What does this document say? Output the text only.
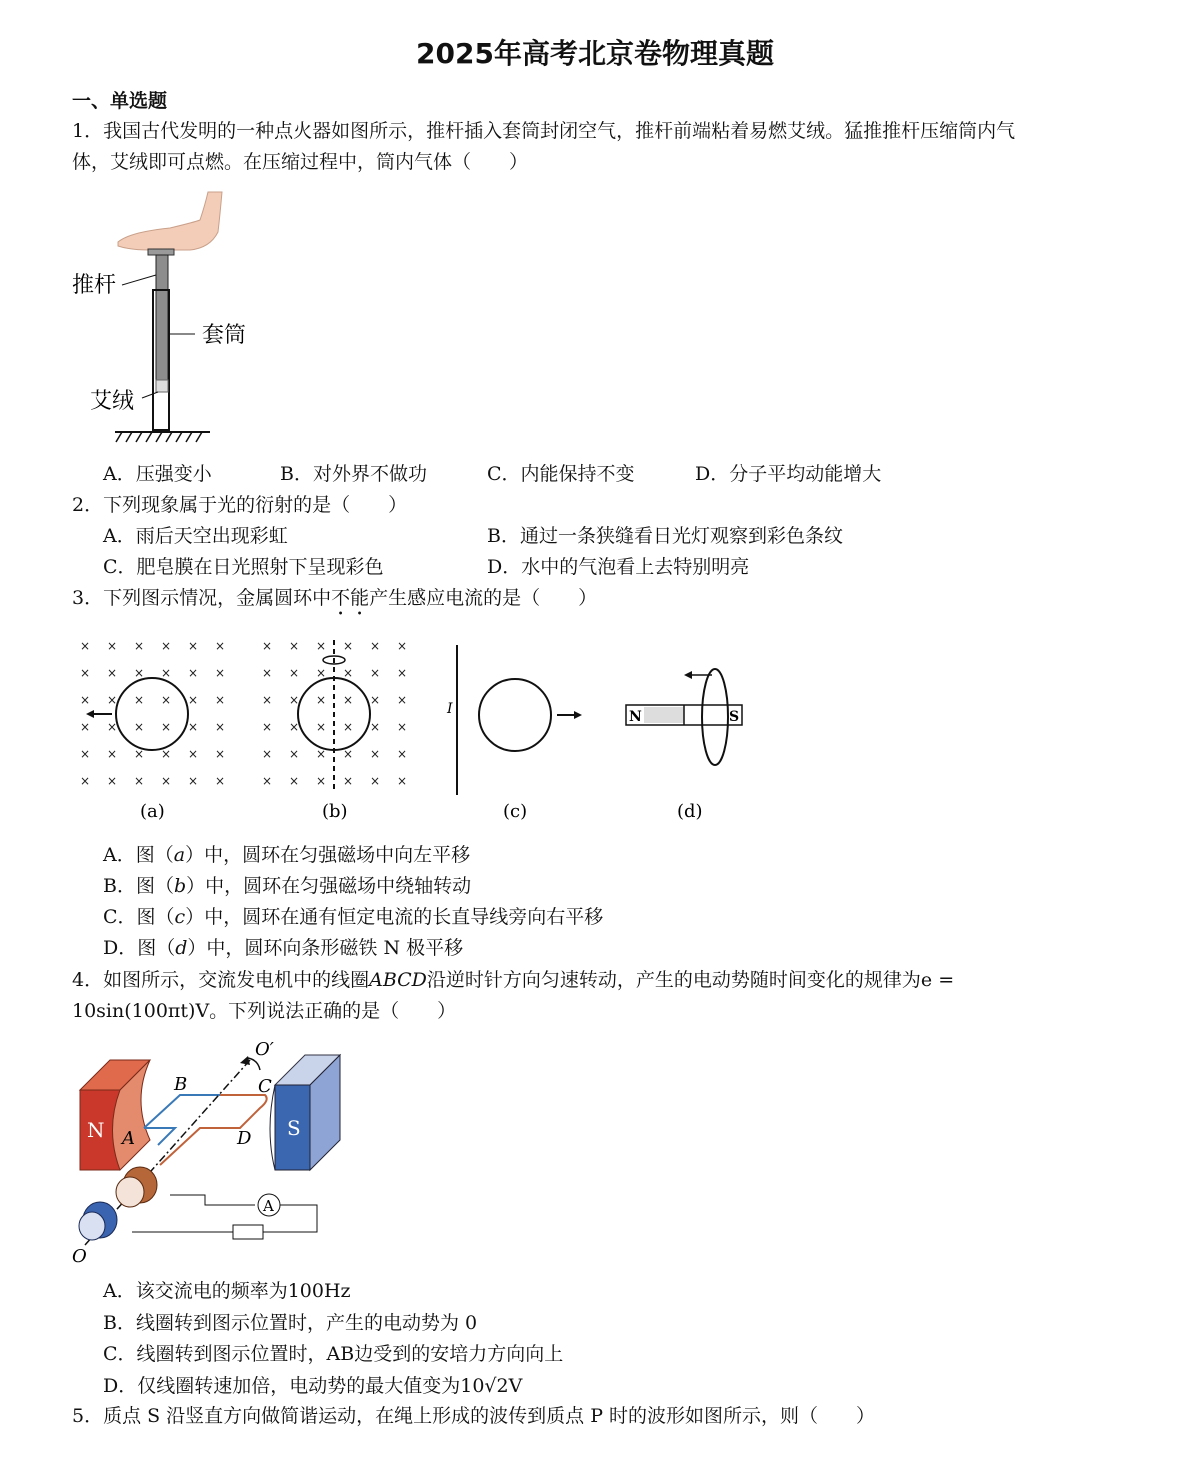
2025年高考北京卷物理真题
一、单选题
1．我国古代发明的一种点火器如图所示，推杆插入套筒封闭空气，推杆前端粘着易燃艾绒。猛推推杆压缩筒内气
体，艾绒即可点燃。在压缩过程中，筒内气体（　　）
推杆
套筒
艾绒
A．压强变小	B．对外界不做功	C．内能保持不变	D．分子平均动能增大
2．下列现象属于光的衍射的是（　　）
A．雨后天空出现彩虹	B．通过一条狭缝看日光灯观察到彩色条纹
C．肥皂膜在日光照射下呈现彩色	D．水中的气泡看上去特别明亮
3．下列图示情况，金属圆环中不能产生感应电流的是（　　）
× × × × × ×
× × × × × ×
× × × × × ×
× × × × × ×
× × × × × ×
× × × × × ×
× × × × × ×
× × × × × ×
× × × × × ×
× × × × × ×
× × × × × ×
× × × × × ×
I	N	S
(a)	(b)	(c)	(d)
A．图（a）中，圆环在匀强磁场中向左平移
B．图（b）中，圆环在匀强磁场中绕轴转动
C．图（c）中，圆环在通有恒定电流的长直导线旁向右平移
D．图（d）中，圆环向条形磁铁 N 极平移
4．如图所示，交流发电机中的线圈ABCD沿逆时针方向匀速转动，产生的电动势随时间变化的规律为e =
10sin(100πt)V。下列说法正确的是（　　）
N	S
A
B	C
A	D
O′
O
A．该交流电的频率为100Hz
B．线圈转到图示位置时，产生的电动势为 0
C．线圈转到图示位置时，AB边受到的安培力方向向上
D．仅线圈转速加倍，电动势的最大值变为10√2V
5．质点 S 沿竖直方向做简谐运动，在绳上形成的波传到质点 P 时的波形如图所示，则（　　）
